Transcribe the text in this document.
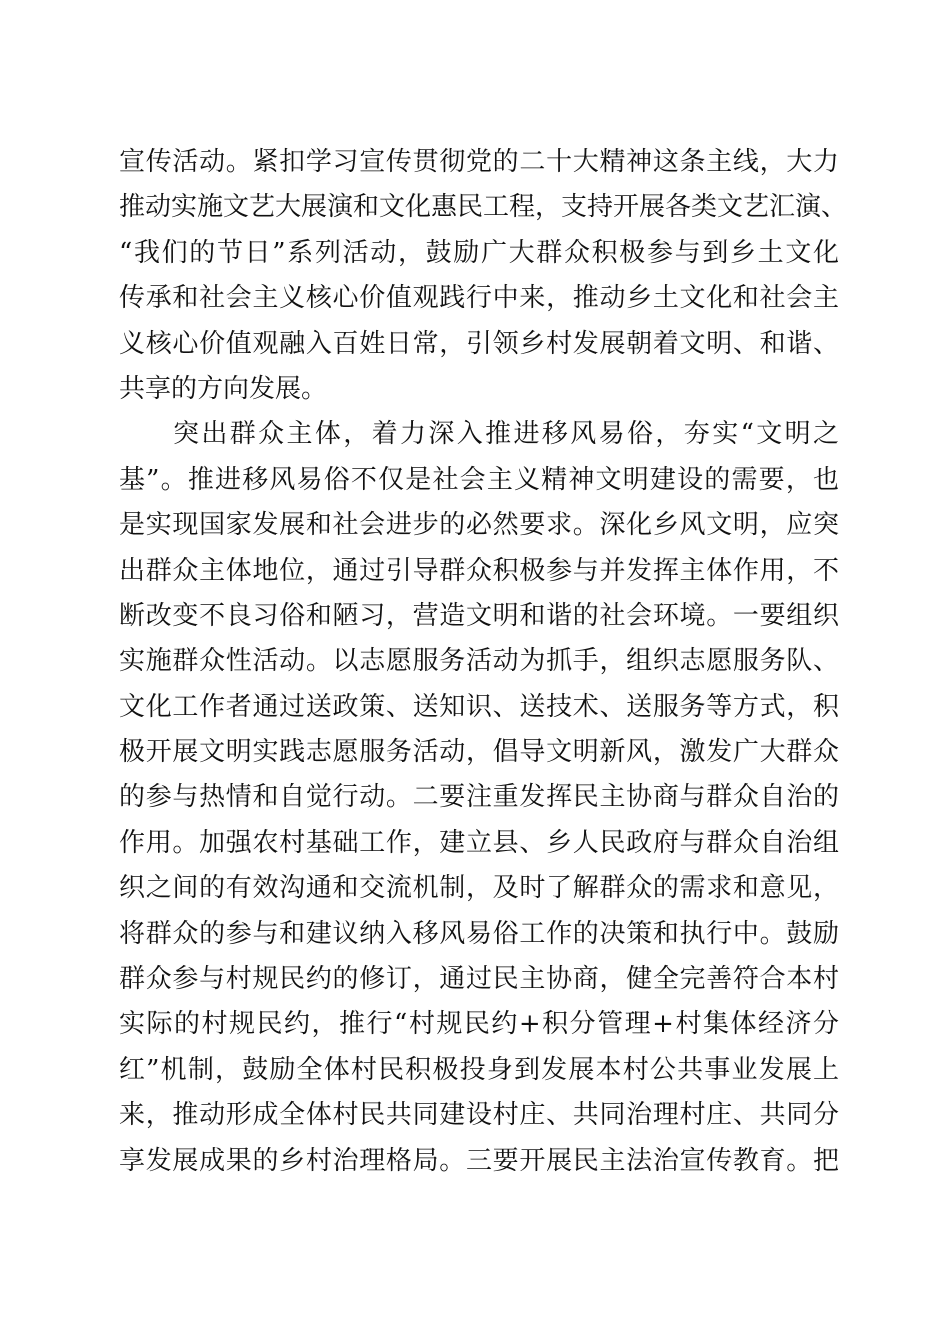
宣传活动。紧扣学习宣传贯彻党的二十大精神这条主线，大力
推动实施文艺大展演和文化惠民工程，支持开展各类文艺汇演、
“我们的节日”系列活动，鼓励广大群众积极参与到乡土文化
传承和社会主义核心价值观践行中来，推动乡土文化和社会主
义核心价值观融入百姓日常，引领乡村发展朝着文明、和谐、
共享的方向发展。
突出群众主体，着力深入推进移风易俗，夯实“文明之
基”。推进移风易俗不仅是社会主义精神文明建设的需要，也
是实现国家发展和社会进步的必然要求。深化乡风文明，应突
出群众主体地位，通过引导群众积极参与并发挥主体作用，不
断改变不良习俗和陋习，营造文明和谐的社会环境。一要组织
实施群众性活动。以志愿服务活动为抓手，组织志愿服务队、
文化工作者通过送政策、送知识、送技术、送服务等方式，积
极开展文明实践志愿服务活动，倡导文明新风，激发广大群众
的参与热情和自觉行动。二要注重发挥民主协商与群众自治的
作用。加强农村基础工作，建立县、乡人民政府与群众自治组
织之间的有效沟通和交流机制，及时了解群众的需求和意见，
将群众的参与和建议纳入移风易俗工作的决策和执行中。鼓励
群众参与村规民约的修订，通过民主协商，健全完善符合本村
实际的村规民约，推行“村规民约+积分管理+村集体经济分
红”机制，鼓励全体村民积极投身到发展本村公共事业发展上
来，推动形成全体村民共同建设村庄、共同治理村庄、共同分
享发展成果的乡村治理格局。三要开展民主法治宣传教育。把
